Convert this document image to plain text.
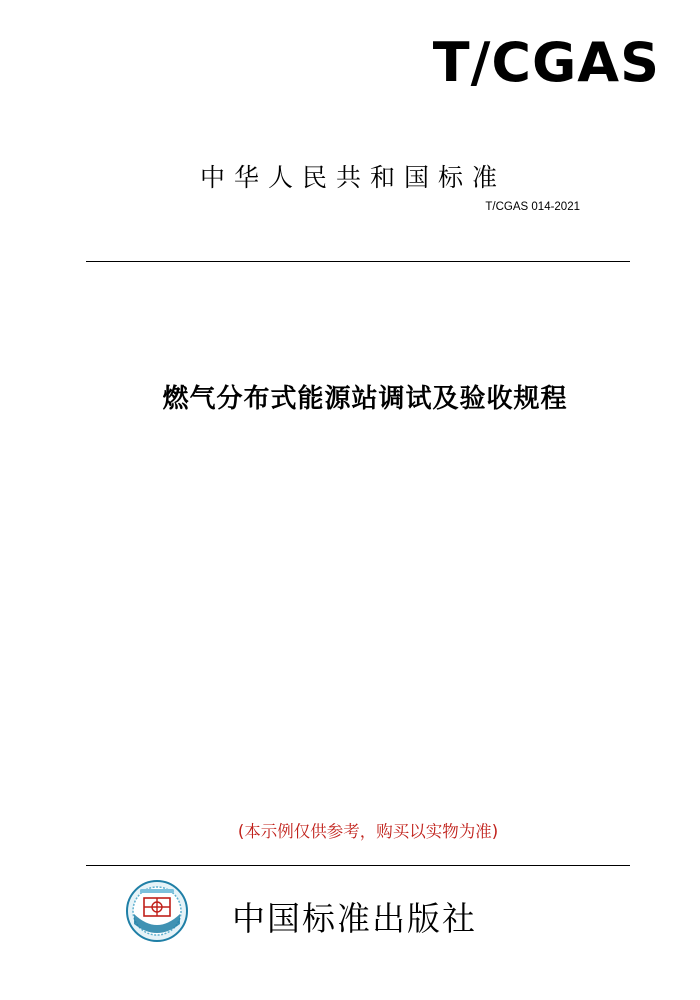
T/CGAS
中华人民共和国标准
T/CGAS 014-2021
燃气分布式能源站调试及验收规程
(本示例仅供参考，购买以实物为准)
中国标准出版社
